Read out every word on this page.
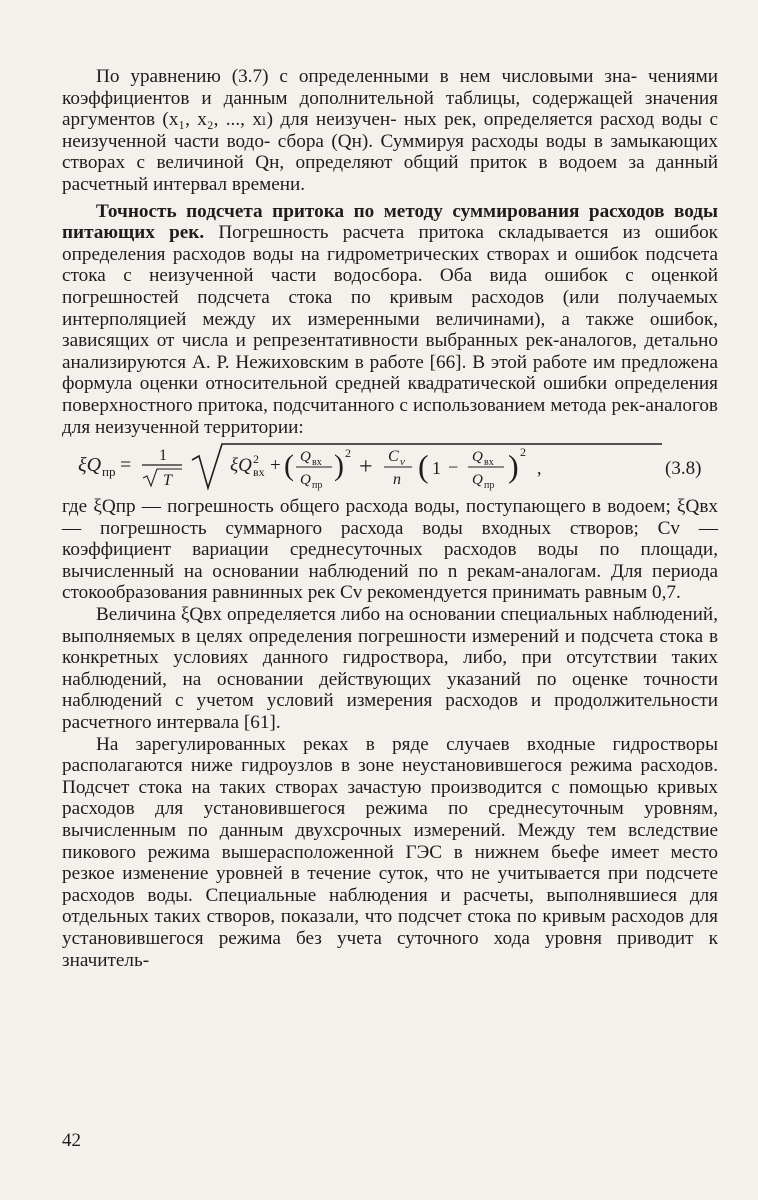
По уравнению (3.7) с определенными в нем числовыми зна- чениями коэффициентов и данным дополнительной таблицы, содержащей значения аргументов (x₁, x₂, ..., xₗ) для неизучен- ных рек, определяется расход воды с неизученной части водо- сбора (Qн). Суммируя расходы воды в замыкающих створах с величиной Qн, определяют общий приток в водоем за данный расчетный интервал времени.

Точность подсчета притока по методу суммирования расходов воды питающих рек. Погрешность расчета притока складывается из ошибок определения расходов воды на гидрометрических створах и ошибок подсчета стока с неизученной части водосбора. Оба вида ошибок с оценкой погрешностей подсчета стока по кривым расходов (или получаемых интерполяцией между их измеренными величинами), а также ошибок, зависящих от числа и репрезентативности выбранных рек-аналогов, детально анализируются А. Р. Нежиховским в работе [66]. В этой работе им предложена формула оценки относительной средней квадратической ошибки определения поверхностного притока, подсчитанного с использованием метода рек-аналогов для неизученной территории:

ξQ пр = 1
T
ξQ 2
вх + ( Q вх
Q пр
) 2
+ C v
n ( 1 − Q вх
Q пр
) 2
,	(3.8)

где ξQпр — погрешность общего расхода воды, поступающего в водоем; ξQвх — погрешность суммарного расхода воды входных створов; Cv — коэффициент вариации среднесуточных расходов воды по площади, вычисленный на основании наблюдений по n рекам-аналогам. Для периода стокообразования равнинных рек Cv рекомендуется принимать равным 0,7.

Величина ξQвх определяется либо на основании специальных наблюдений, выполняемых в целях определения погрешности измерений и подсчета стока в конкретных условиях данного гидроствора, либо, при отсутствии таких наблюдений, на основании действующих указаний по оценке точности наблюдений с учетом условий измерения расходов и продолжительности расчетного интервала [61].

На зарегулированных реках в ряде случаев входные гидростворы располагаются ниже гидроузлов в зоне неустановившегося режима расходов. Подсчет стока на таких створах зачастую производится с помощью кривых расходов для установившегося режима по среднесуточным уровням, вычисленным по данным двухсрочных измерений. Между тем вследствие пикового режима вышерасположенной ГЭС в нижнем бьефе имеет место резкое изменение уровней в течение суток, что не учитывается при подсчете расходов воды. Специальные наблюдения и расчеты, выполнявшиеся для отдельных таких створов, показали, что подсчет стока по кривым расходов для установившегося режима без учета суточного хода уровня приводит к значитель-

42
